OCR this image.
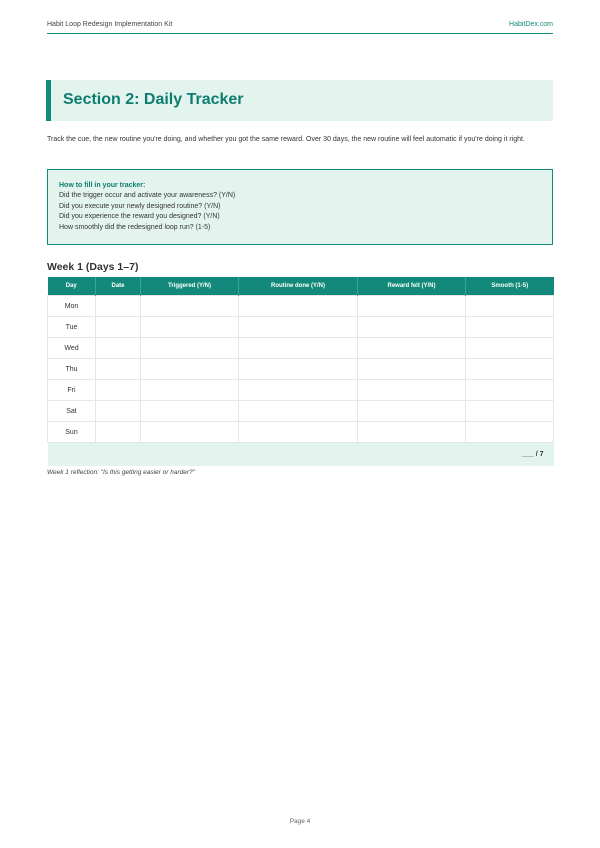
Habit Loop Redesign Implementation Kit	HabitDex.com
Section 2: Daily Tracker

Track the cue, the new routine you're doing, and whether you got the same reward. Over 30 days, the new routine will feel automatic if you're doing it right.

How to fill in your tracker:
Did the trigger occur and activate your awareness? (Y/N)
Did you execute your newly designed routine? (Y/N)
Did you experience the reward you designed? (Y/N)
How smoothly did the redesigned loop run? (1-5)
Week 1 (Days 1–7)
Day	Date	Triggered (Y/N)	Routine done (Y/N)	Reward felt (Y/N)	Smooth (1-5)
Mon					
Tue					
Wed					
Thu					
Fri					
Sat					
Sun					
___ / 7					
Week 1 reflection: "Is this getting easier or harder?"
Page 4
